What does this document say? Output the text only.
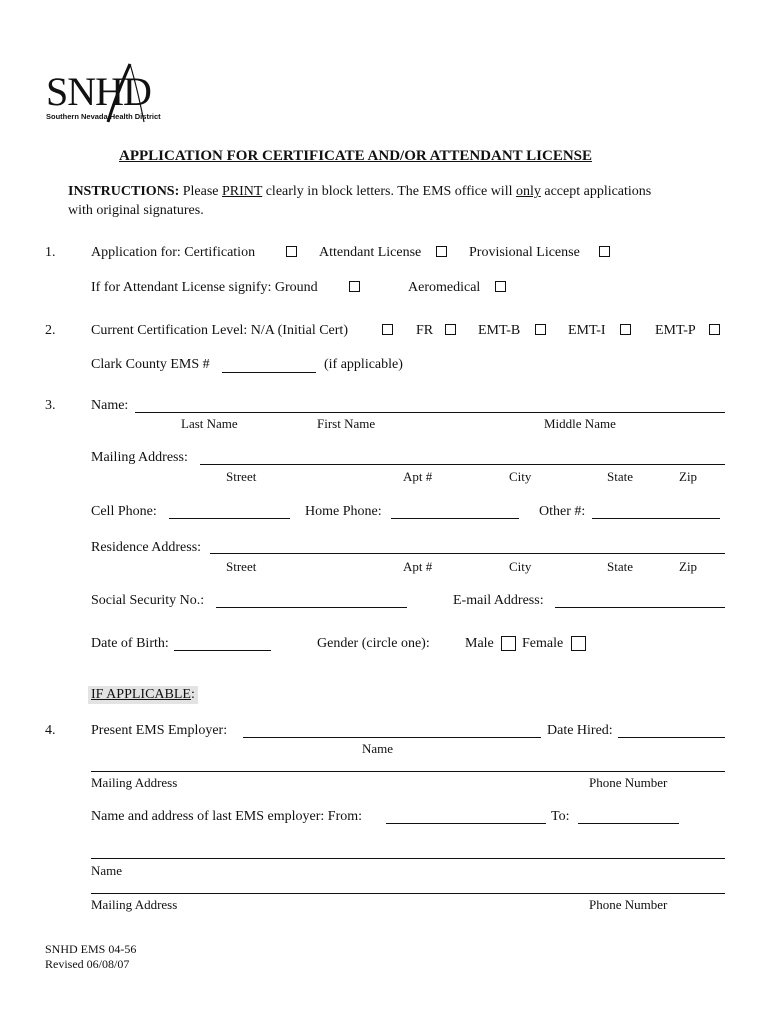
SNHD
Southern Nevada Health District
APPLICATION FOR CERTIFICATE AND/OR ATTENDANT LICENSE
INSTRUCTIONS: Please PRINT clearly in block letters. The EMS office will only accept applications
with original signatures.
1.	Application for: Certification	Attendant License	Provisional License
If for Attendant License signify: Ground	Aeromedical
2.	Current Certification Level: N/A (Initial Cert)	FR	EMT-B	EMT-I	EMT-P
Clark County EMS #	(if applicable)
3.	Name:
Last Name	First Name	Middle Name
Mailing Address:
Street	Apt #	City	State	Zip
Cell Phone:	Home Phone:	Other #:
Residence Address:
Street	Apt #	City	State	Zip
Social Security No.:	E-mail Address:
Date of Birth:	Gender (circle one):	Male Female
IF APPLICABLE:
4.	Present EMS Employer:	Date Hired:
Name
Mailing Address	Phone Number
Name and address of last EMS employer: From:	To:
Name
Mailing Address	Phone Number
SNHD EMS 04-56
Revised 06/08/07
